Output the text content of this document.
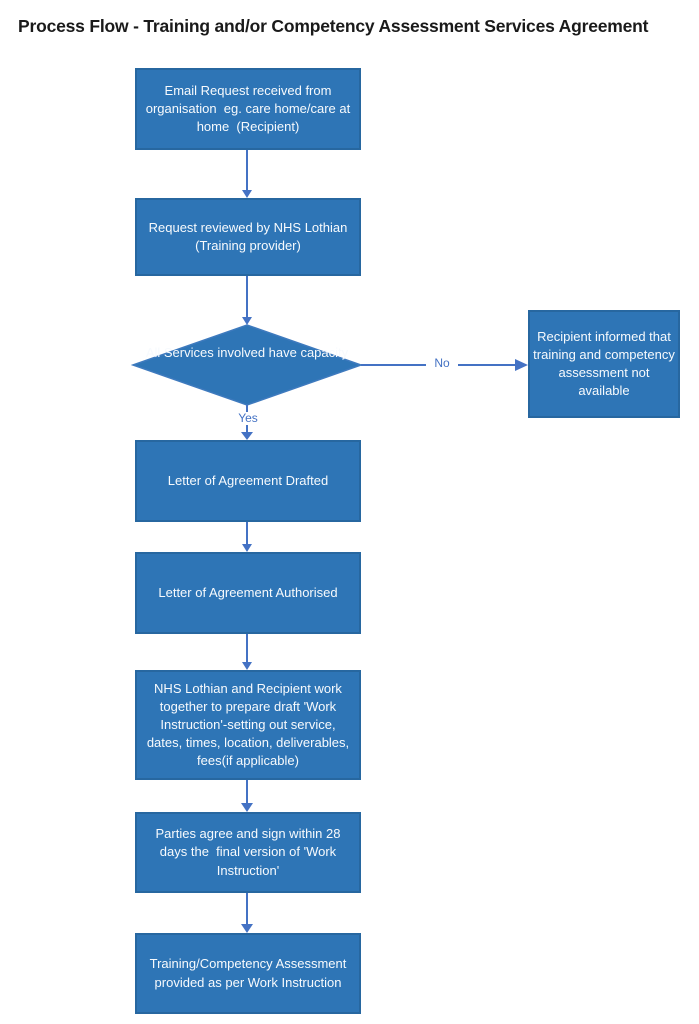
Process Flow - Training and/or Competency Assessment Services Agreement
Email Request received from organisation  eg. care home/care at home  (Recipient)
Request reviewed by NHS Lothian (Training provider)
All Services involved have capacity
No
Recipient informed that training and competency assessment not available
Yes
Letter of Agreement Drafted
Letter of Agreement Authorised
NHS Lothian and Recipient work together to prepare draft 'Work Instruction'-setting out service, dates, times, location, deliverables, fees(if applicable)
Parties agree and sign within 28 days the  final version of 'Work Instruction'
Training/Competency Assessment provided as per Work Instruction
